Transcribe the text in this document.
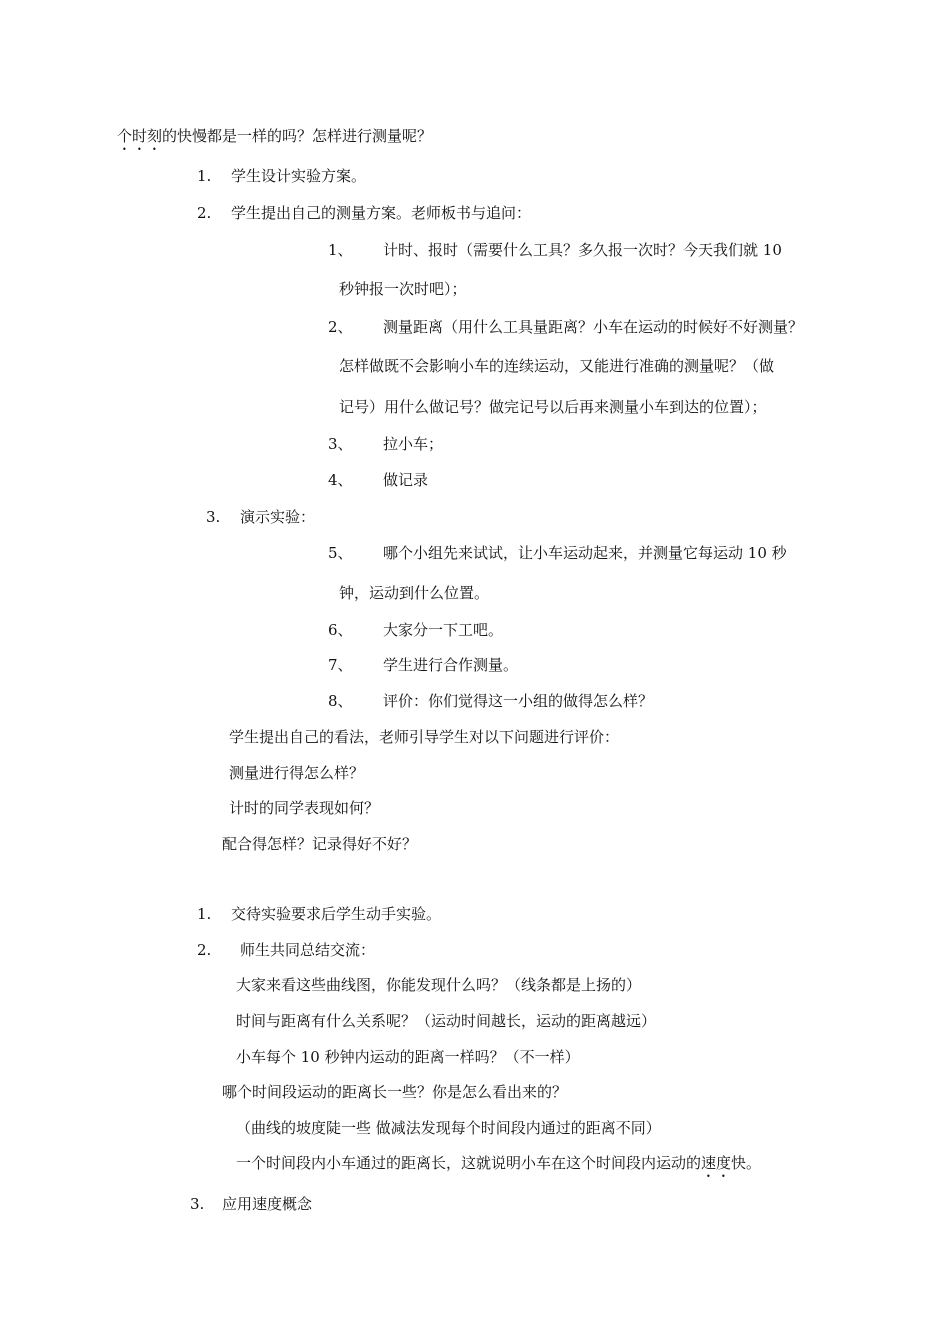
个时刻的快慢都是一样的吗？怎样进行测量呢？
1. 学生设计实验方案。
2. 学生提出自己的测量方案。老师板书与追问：
1、 计时、报时（需要什么工具？多久报一次时？今天我们就 10
秒钟报一次时吧）；
2、 测量距离（用什么工具量距离？小车在运动的时候好不好测量？
怎样做既不会影响小车的连续运动，又能进行准确的测量呢？（做
记号）用什么做记号？做完记号以后再来测量小车到达的位置）；
3、 拉小车；
4、 做记录
3. 演示实验：
5、 哪个小组先来试试，让小车运动起来，并测量它每运动 10 秒
钟，运动到什么位置。
6、 大家分一下工吧。
7、 学生进行合作测量。
8、 评价：你们觉得这一小组的做得怎么样？
学生提出自己的看法，老师引导学生对以下问题进行评价：
测量进行得怎么样？
计时的同学表现如何？
配合得怎样？记录得好不好？
1. 交待实验要求后学生动手实验。
2. 师生共同总结交流：
大家来看这些曲线图，你能发现什么吗？（线条都是上扬的）
时间与距离有什么关系呢？（运动时间越长，运动的距离越远）
小车每个 10 秒钟内运动的距离一样吗？（不一样）
哪个时间段运动的距离长一些？你是怎么看出来的？
（曲线的坡度陡一些 做减法发现每个时间段内通过的距离不同）
一个时间段内小车通过的距离长，这就说明小车在这个时间段内运动的速度快。
3. 应用速度概念
